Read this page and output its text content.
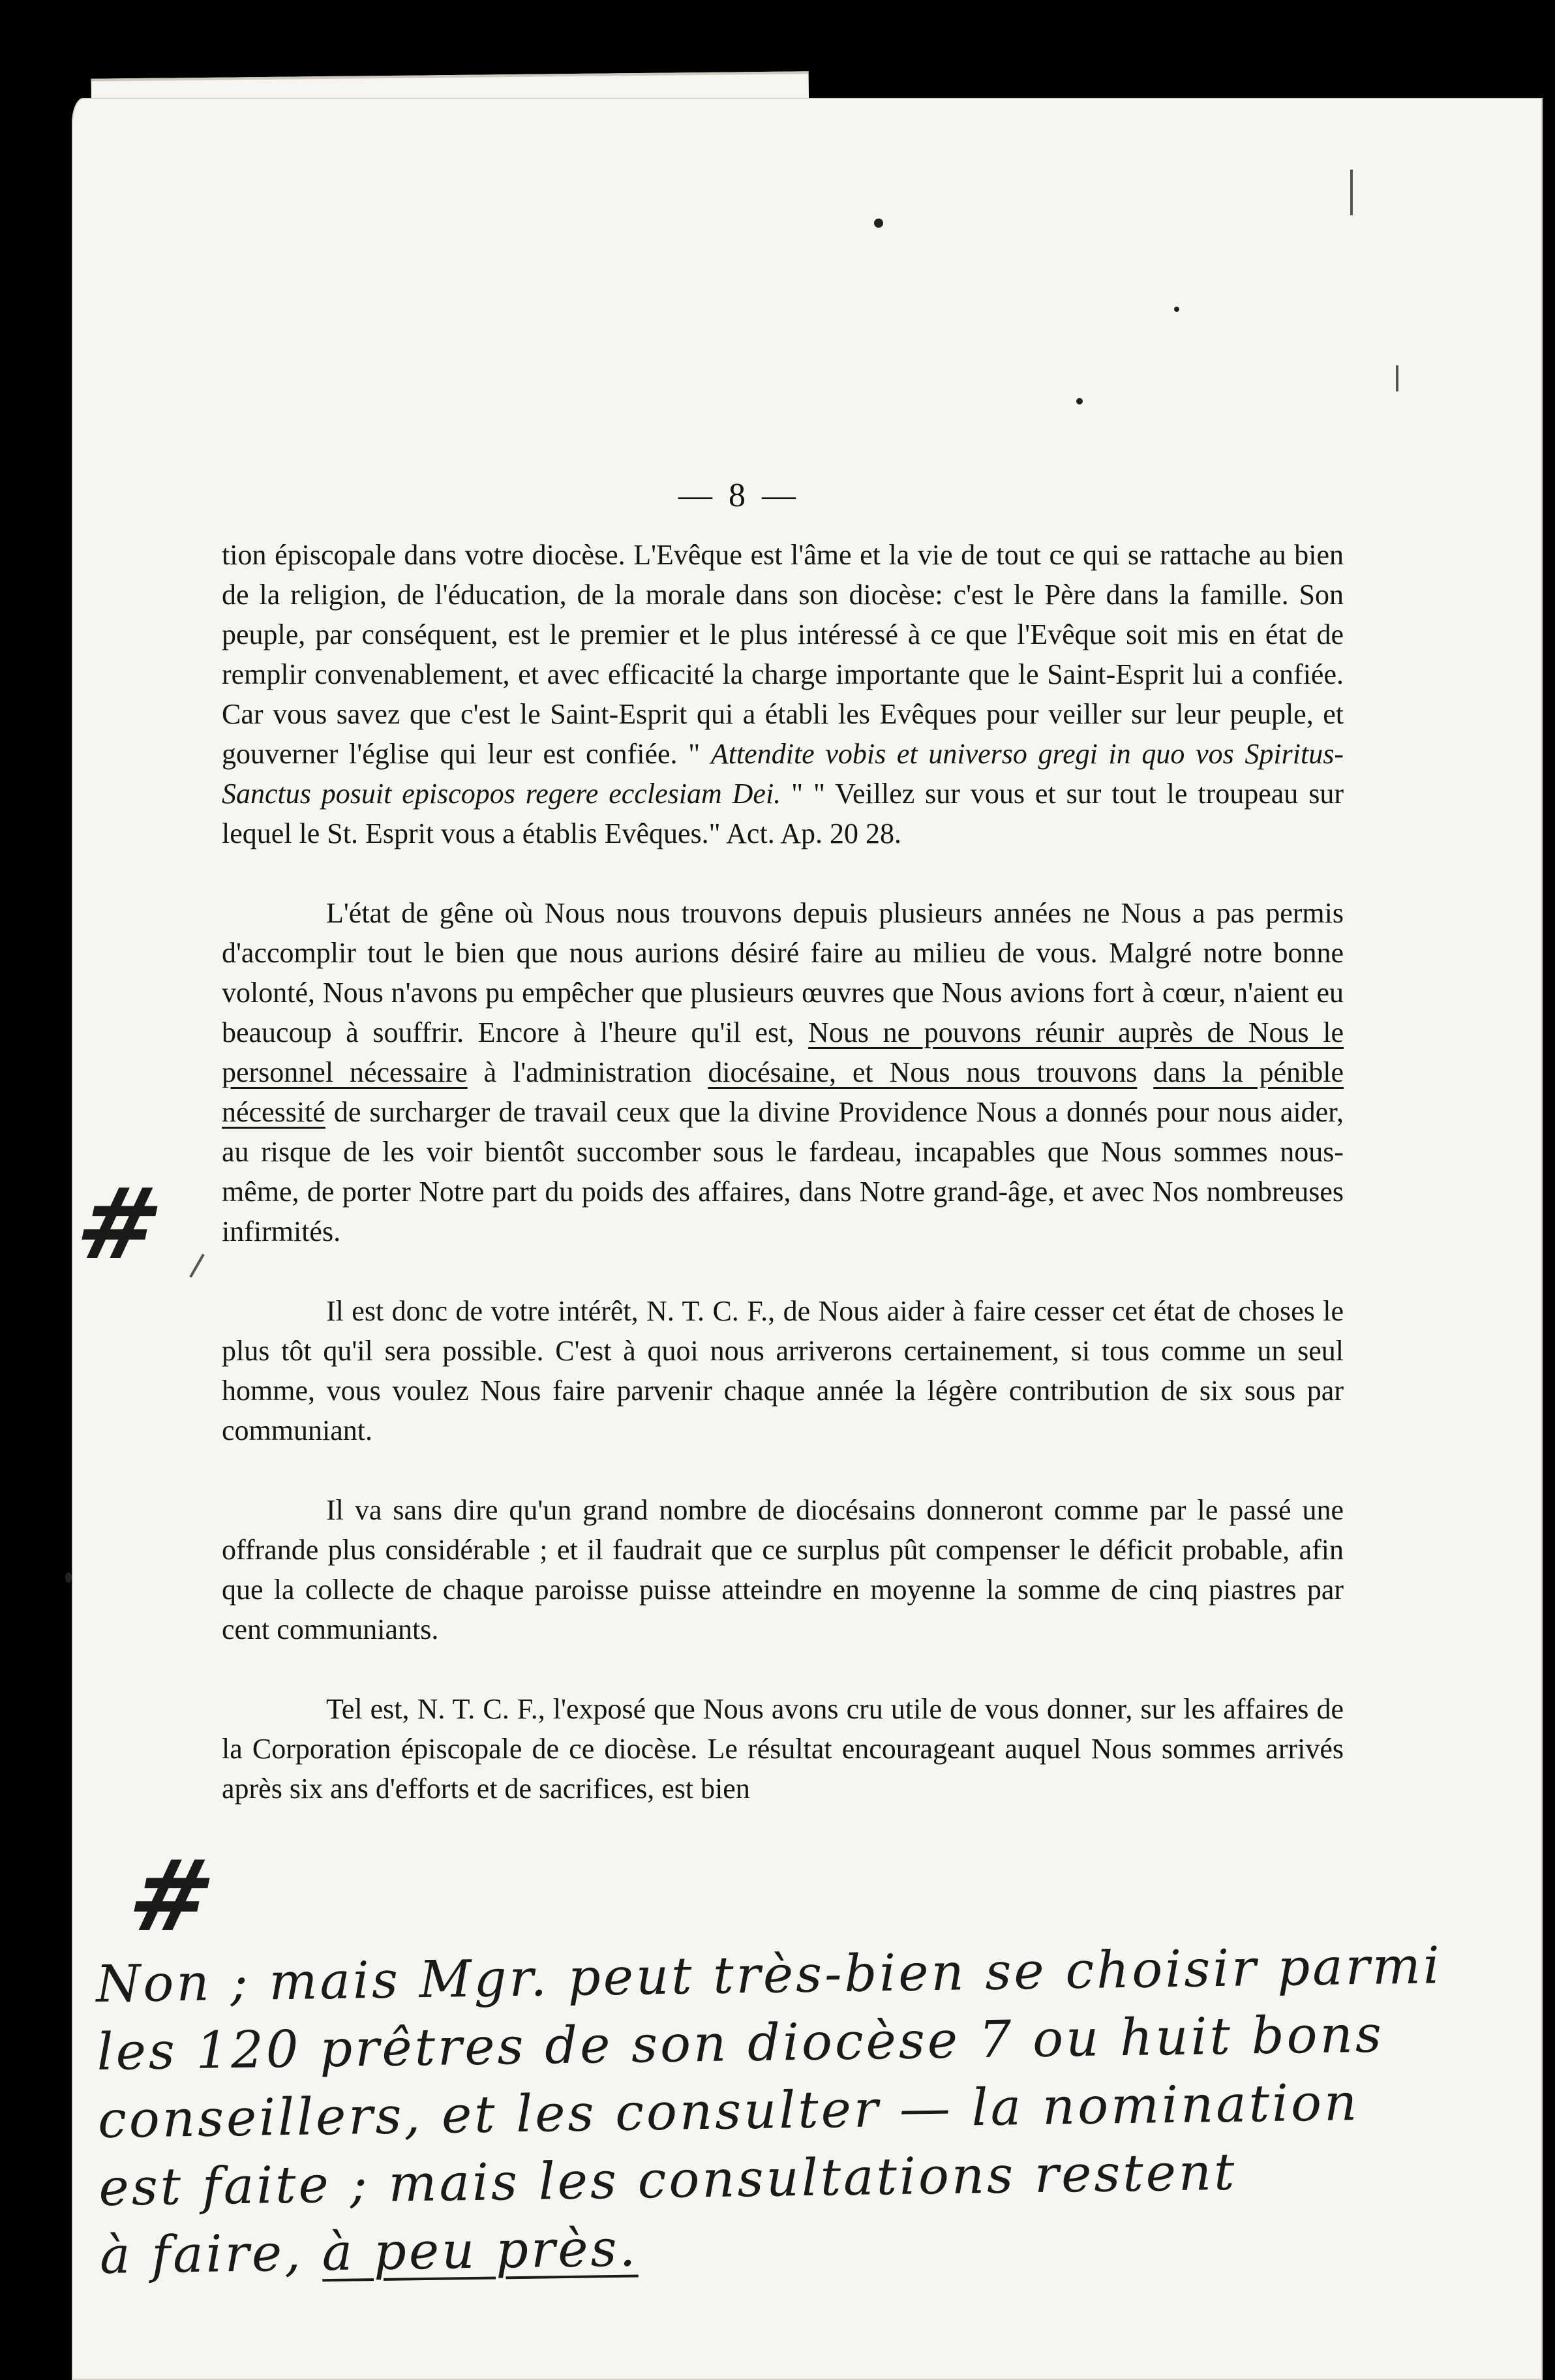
— 8 —
#
#

tion épiscopale dans votre diocèse. L'Evêque est l'âme et la vie de tout ce qui se rattache au bien de la religion, de l'éducation, de la morale dans son diocèse: c'est le Père dans la famille. Son peuple, par conséquent, est le premier et le plus intéressé à ce que l'Evêque soit mis en état de remplir convenablement, et avec efficacité la charge importante que le Saint-Esprit lui a confiée. Car vous savez que c'est le Saint-Esprit qui a établi les Evêques pour veiller sur leur peuple, et gouverner l'église qui leur est confiée. " Attendite vobis et universo gregi in quo vos Spiritus-Sanctus posuit episcopos regere ecclesiam Dei. " " Veillez sur vous et sur tout le troupeau sur lequel le St. Esprit vous a établis Evêques." Act. Ap. 20 28.

L'état de gêne où Nous nous trouvons depuis plusieurs années ne Nous a pas permis d'accomplir tout le bien que nous aurions désiré faire au milieu de vous. Malgré notre bonne volonté, Nous n'avons pu empêcher que plusieurs œuvres que Nous avions fort à cœur, n'aient eu beaucoup à souffrir. Encore à l'heure qu'il est, Nous ne pouvons réunir auprès de Nous le personnel nécessaire à l'administration diocésaine, et Nous nous trouvons dans la pénible nécessité de surcharger de travail ceux que la divine Providence Nous a donnés pour nous aider, au risque de les voir bientôt succomber sous le fardeau, incapables que Nous sommes nous-même, de porter Notre part du poids des affaires, dans Notre grand-âge, et avec Nos nombreuses infirmités.

Il est donc de votre intérêt, N. T. C. F., de Nous aider à faire cesser cet état de choses le plus tôt qu'il sera possible. C'est à quoi nous arriverons certainement, si tous comme un seul homme, vous voulez Nous faire parvenir chaque année la légère contribution de six sous par communiant.

Il va sans dire qu'un grand nombre de diocésains donneront comme par le passé une offrande plus considérable ; et il faudrait que ce surplus pût compenser le déficit probable, afin que la collecte de chaque paroisse puisse atteindre en moyenne la somme de cinq piastres par cent communiants.

Tel est, N. T. C. F., l'exposé que Nous avons cru utile de vous donner, sur les affaires de la Corporation épiscopale de ce diocèse. Le résultat encourageant auquel Nous sommes arrivés après six ans d'efforts et de sacrifices, est bien

Non ; mais Mgr. peut très-bien se choisir parmi
les 120 prêtres de son diocèse 7 ou huit bons
conseillers, et les consulter — la nomination
est faite ; mais les consultations restent
à faire, à peu près.
